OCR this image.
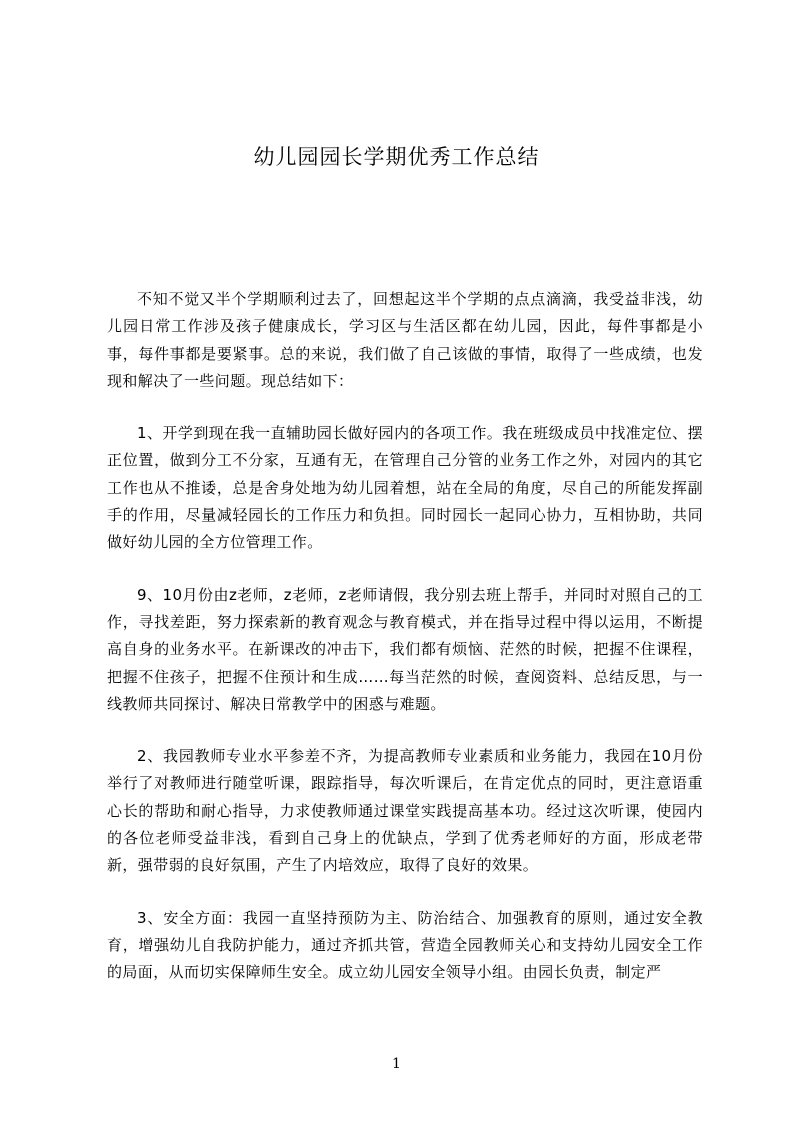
幼儿园园长学期优秀工作总结

不知不觉又半个学期顺利过去了，回想起这半个学期的点点滴滴，我受益非浅，幼儿园日常工作涉及孩子健康成长，学习区与生活区都在幼儿园，因此，每件事都是小事，每件事都是要紧事。总的来说，我们做了自己该做的事情，取得了一些成绩，也发现和解决了一些问题。现总结如下：

1、开学到现在我一直辅助园长做好园内的各项工作。我在班级成员中找准定位、摆正位置，做到分工不分家，互通有无，在管理自己分管的业务工作之外，对园内的其它工作也从不推诿，总是舍身处地为幼儿园着想，站在全局的角度，尽自己的所能发挥副手的作用，尽量减轻园长的工作压力和负担。同时园长一起同心协力，互相协助，共同做好幼儿园的全方位管理工作。

9、10月份由z老师，z老师，z老师请假，我分别去班上帮手，并同时对照自己的工作，寻找差距，努力探索新的教育观念与教育模式，并在指导过程中得以运用，不断提高自身的业务水平。在新课改的冲击下，我们都有烦恼、茫然的时候，把握不住课程，把握不住孩子，把握不住预计和生成……每当茫然的时候，查阅资料、总结反思，与一线教师共同探讨、解决日常教学中的困惑与难题。

2、我园教师专业水平参差不齐，为提高教师专业素质和业务能力，我园在10月份举行了对教师进行随堂听课，跟踪指导，每次听课后，在肯定优点的同时，更注意语重心长的帮助和耐心指导，力求使教师通过课堂实践提高基本功。经过这次听课，使园内的各位老师受益非浅，看到自己身上的优缺点，学到了优秀老师好的方面，形成老带新，强带弱的良好氛围，产生了内培效应，取得了良好的效果。

3、安全方面：我园一直坚持预防为主、防治结合、加强教育的原则，通过安全教育，增强幼儿自我防护能力，通过齐抓共管，营造全园教师关心和支持幼儿园安全工作的局面，从而切实保障师生安全。成立幼儿园安全领导小组。由园长负责，制定严

1
